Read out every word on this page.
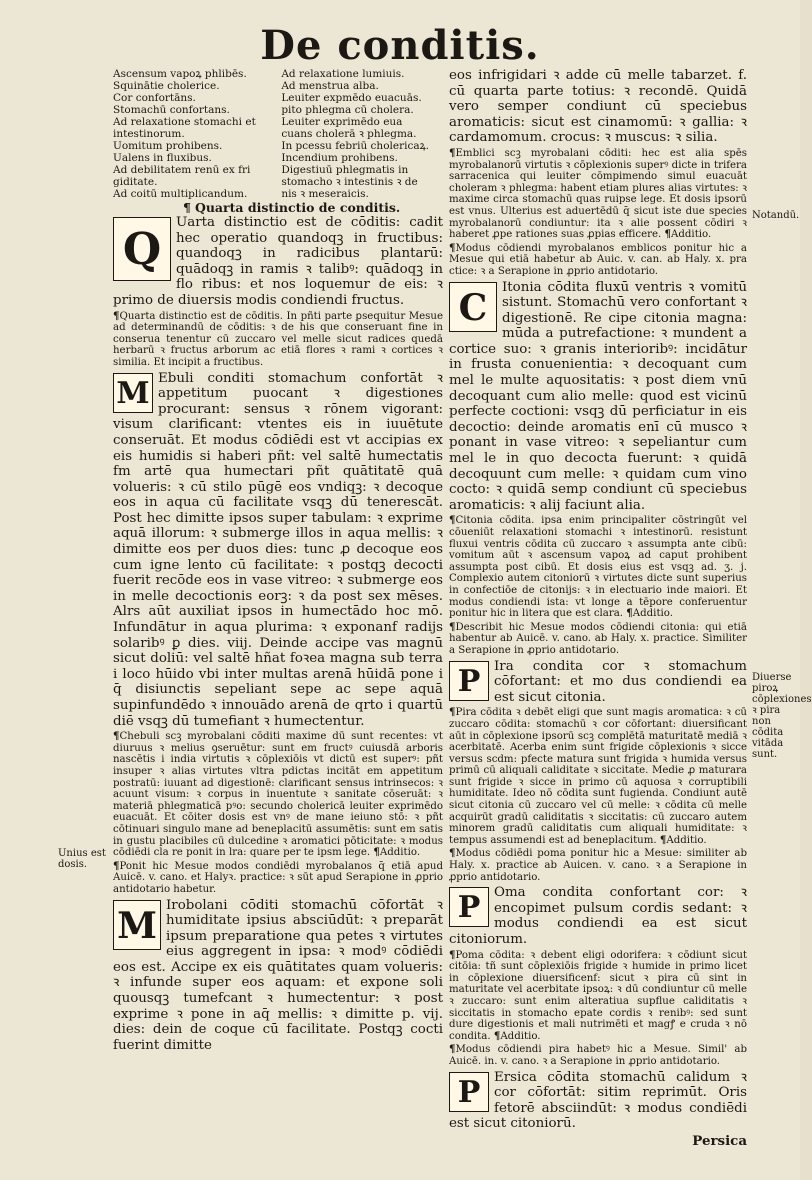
De conditis.
Unius est dosis.
Notandū.
Diuerse piroꝝ cōplexiones ꝛ pira non cōdita vitāda sunt.
Ascensum vapoꝝ phlibēs.	Ad relaxatione lumiuis.
Squinātie cholerice.	Ad menstrua alba.
Cor confortāns.	Leuiter expmēdo euacuās.
Stomachū confortans.	pito phlegma cū cholera.
Ad relaxatione stomachi et	Leuiter exprimēdo eua
intestinorum.	cuans cholerā ꝛ phlegma.
Uomitum prohibens.	In pcessu febriū cholericaꝝ.
Ualens in fluxibus.	Incendium prohibens.
Ad debilitatem renū ex fri	Digestiuū phlegmatis in
giditate.	stomacho ꝛ intestinis ꝛ de
Ad coitū multiplicandum.	nis ꝛ meseraicis.
¶ Quarta distinctio de conditis.

Q
Uarta distinctio est de cōditis: cadit hec operatio quandoqꝫ in fructibus: quandoqꝫ in radicibus plantarū: quādoqꝫ in ramis ꝛ talibꝰ: quādoqꝫ in flo ribus: et nos loquemur de eis: ꝛ primo de diuersis modis condiendi fructus.

¶Quarta distinctio est de cōditis. In pñti parte ꝑsequitur Mesue ad determinandū de cōditis: ꝛ de his que conseruant fine in conserua tenentur cū zuccaro vel melle sicut radices quedā herbarū ꝛ fructus arborum ac etiā flores ꝛ rami ꝛ cortices ꝛ similia. Et incipit a fructibus.

M Ebuli conditi stomachum confortāt ꝛ appetitum puocant ꝛ digestiones procurant: sensus ꝛ rōnem vigorant: visum clarificant: vtentes eis in iuuētute conseruāt. Et modus cōdiēdi est vt accipias ex eis humidis si haberi pñt: vel saltē humectatis fm artē qua humectari pñt quātitatē quā volueris: ꝛ cū stilo pūgē eos vndiqꝫ: ꝛ decoque eos in aqua cū facilitate vsqꝫ dū tenerescāt. Post hec dimitte ipsos super tabulam: ꝛ exprime aquā illorum: ꝛ submerge illos in aqua mellis: ꝛ dimitte eos per duos dies: tunc ꝓ decoque eos cum igne lento cū facilitate: ꝛ postqꝫ decocti fuerit recōde eos in vase vitreo: ꝛ submerge eos in melle decoctionis eorꝫ: ꝛ da post sex mēses. Alrs aūt auxiliat ipsos in humectādo hoc mō. Infundātur in aqua plurima: ꝛ exponanf radijs solaribꝰ ꝑ dies. viij. Deinde accipe vas magnū sicut doliū: vel saltē hñat foꝛea magna sub terra i loco hūido vbi inter multas arenā hūidā pone i q̄ disiunctis sepeliant sepe ac sepe aquā supinfundēdo ꝛ innouādo arenā de qrto i quartū diē vsqꝫ dū tumefiant ꝛ humectentur.

¶Chebuli scꝫ myrobalani cōditi maxime dū sunt recentes: vt diuruus ꝛ melius ꝯseruētur: sunt em fructꝰ cuiusdā arboris nascētis i india virtutis ꝛ cōplexiōis vt dictū est superꝰ: pñt insuper ꝛ alias virtutes vltra pdictas incitāt em appetitum postratū: iuuant ad digestionē: clarificant sensus intrinsecos: ꝛ acuunt visum: ꝛ corpus in inuentute ꝛ sanitate cōseruāt: ꝛ materiā phlegmaticā pꝰo: secundo cholericā leuiter exprimēdo euacuāt. Et cōiter dosis est vnꝰ de mane ieiuno stō: ꝛ pñt cōtinuari singulo mane ad beneplacitū assumētis: sunt em satis in gustu placibiles cū dulcedine ꝛ aromatici pōticitate: ꝛ modus cōdiēdi cla re ponit in lra: quare per te ipsm lege. ¶Additio.

¶Ponit hic Mesue modos condiēdi myrobalanos q̄ etiā apud Auicē. v. cano. et Halyꝛ. practice: ꝛ sūt apud Serapione in ꝓprio antidotario habetur.

M Irobolani cōditi stomachū cōfortāt ꝛ humiditate ipsius absciūdūt: ꝛ preparāt ipsum preparatione qua petes ꝛ virtutes eius aggregent in ipsa: ꝛ modꝰ cōdiēdi eos est. Accipe ex eis quātitates quam volueris: ꝛ infunde super eos aquam: et expone soli quousqꝫ tumefcant ꝛ humectentur: ꝛ post exprime ꝛ pone in aq̄ mellis: ꝛ dimitte p. vij. dies: dein de coque cū facilitate. Postqꝫ cocti fuerint dimitte

eos infrigidari ꝛ adde cū melle tabarzet. f. cū quarta parte totius: ꝛ recondē. Quidā vero semper condiunt cū speciebus aromaticis: sicut est cinamomū: ꝛ gallia: ꝛ cardamomum. crocus: ꝛ muscus: ꝛ silia.

¶Emblici scꝫ myrobalani cōditi: hec est alia spēs myrobalanorū virtutis ꝛ cōplexionis superꝰ dicte in trifera sarracenica qui leuiter cōmpimendo simul euacuāt choleram ꝛ phlegma: habent etiam plures alias virtutes: ꝛ maxime circa stomachū quas ruipse lege. Et dosis ipsorū est vnus. Ulterius est aduertēdū q̄ sicut iste due species myrobalanorū condiuntur: ita ꝛ alie possent cōdiri ꝛ haberet ꝓpe rationes suas ꝓpias efficere. ¶Additio.

¶Modus cōdiendi myrobalanos emblicos ponitur hic a Mesue qui etiā habetur ab Auic. v. can. ab Haly. x. pra ctice: ꝛ a Serapione in ꝓprio antidotario.

C	Itonia cōdita fluxū ventris ꝛ vomitū sistunt. Stomachū vero confortant ꝛ digestionē. Re cipe citonia magna: mūda a putrefactione: ꝛ mundent a cortice suo: ꝛ granis interioribꝰ: incidātur in frusta conuenientia: ꝛ decoquant cum mel le multe aquositatis: ꝛ post diem vnū decoquant cum alio melle: quod est vicinū perfecte coctioni: vsqꝫ dū perficiatur in eis decoctio: deinde aromatis enī cū musco ꝛ ponant in vase vitreo: ꝛ sepeliantur cum mel le in quo decocta fuerunt: ꝛ quidā decoquunt cum melle: ꝛ quidam cum vino cocto: ꝛ quidā semp condiunt cū speciebus aromaticis: ꝛ alij faciunt alia.

¶Citonia cōdita. ipsa enim principaliter cōstringūt vel cōueniūt relaxationi stomachi ꝛ intestinorū. resistunt fluxui ventris cōdita cū zuccaro ꝛ assumpta ante cibū: vomitum aūt ꝛ ascensum vapoꝝ ad caput prohibent assumpta post cibū. Et dosis eius est vsqꝫ ad. ʒ. j. Complexio autem citoniorū ꝛ virtutes dicte sunt superius in confectiōe de citonijs: ꝛ in electuario inde maiori. Et modus condiendi ista: vt longe a tēpore conferuentur ponitur hic in litera que est clara. ¶Additio.

¶Describit hic Mesue modos cōdiendi citonia: qui etiā habentur ab Auicē. v. cano. ab Haly. x. practice. Similiter a Serapione in ꝓprio antidotario.

P	Ira condita cor ꝛ stomachum cōfortant: et mo dus condiendi ea est sicut citonia.

¶Pira cōdita ꝛ debēt eligi que sunt magis aromatica: ꝛ cū zuccaro cōdita: stomachū ꝛ cor cōfortant: diuersificant aūt in cōplexione ipsorū scꝫ complētā maturitatē mediā ꝛ acerbitatē. Acerba enim sunt frigide cōplexionis ꝛ sicce versus scdm: pfecte matura sunt frigida ꝛ humida versus primū cū aliquali caliditate ꝛ siccitate. Medie ꝓ maturara sunt frigide ꝛ sicce in primo cū aquosa ꝛ corruptibili humiditate. Ideo nō cōdita sunt fugienda. Condiunt autē sicut citonia cū zuccaro vel cū melle: ꝛ cōdita cū melle acquirūt gradū caliditatis ꝛ siccitatis: cū zuccaro autem minorem gradū caliditatis cum aliquali humiditate: ꝛ tempus assumendi est ad beneplacitum. ¶Additio.

¶Modus cōdiēdi poma ponitur hic a Mesue: similiter ab Haly. x. practice ab Auicen. v. cano. ꝛ a Serapione in ꝓprio antidotario.

P	Oma condita confortant cor: ꝛ encopimet pulsum cordis sedant: ꝛ modus condiendi ea est sicut citoniorum.

¶Poma cōdita: ꝛ debent eligi odorifera: ꝛ cōdiunt sicut citōia: tñ sunt cōplexiōis frigide ꝛ humide in primo licet in cōplexione diuersificenf: sicut ꝛ pira cū sint in maturitate vel acerbitate ipsoꝝ: ꝛ dū condiuntur cū melle ꝛ zuccaro: sunt enim alteratiua supflue caliditatis ꝛ siccitatis in stomacho epate cordis ꝛ renibꝰ: sed sunt dure digestionis et mali nutrimēti et magꝭ e cruda ꝛ nō condita. ¶Additio.

¶Modus cōdiendi pira habetꝰ hic a Mesue. Simil' ab Auicē. in. v. cano. ꝛ a Serapione in ꝓprio antidotario.

P	Ersica cōdita stomachū calidum ꝛ cor cōfortāt: sitim reprimūt. Oris fetorē absciindūt: ꝛ modus condiēdi est sicut citoniorū.

Persica
